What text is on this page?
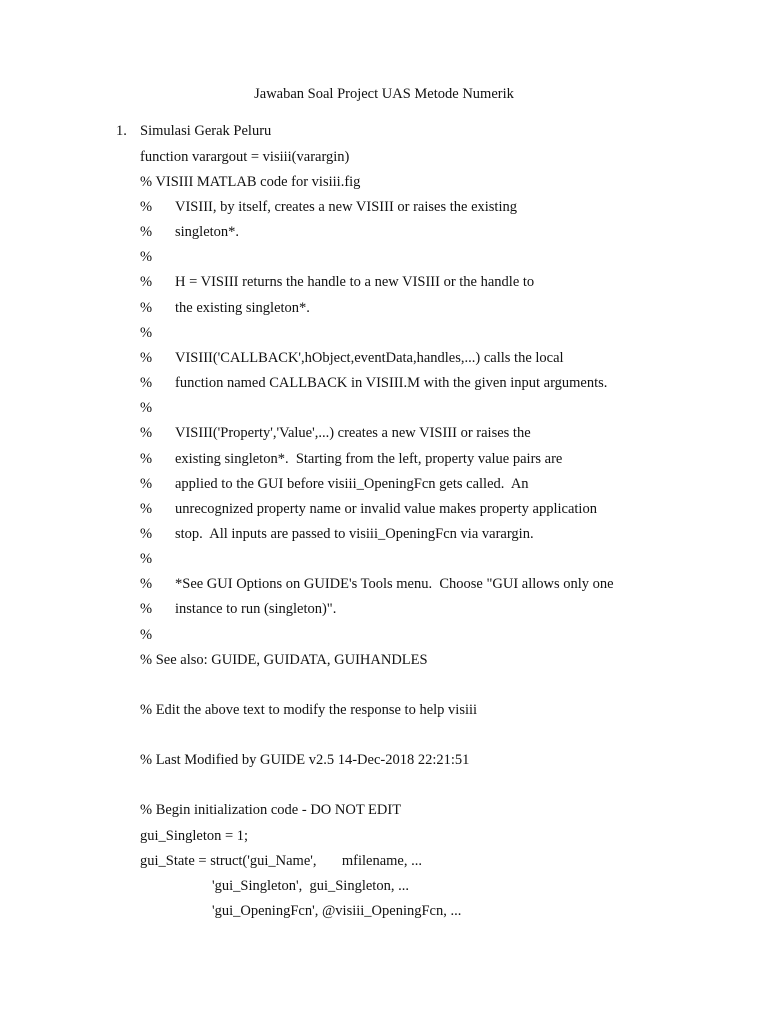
Jawaban Soal Project UAS Metode Numerik
1. Simulasi Gerak Peluru
function varargout = visiii(varargin)
% VISIII MATLAB code for visiii.fig
% VISIII, by itself, creates a new VISIII or raises the existing
% singleton*.
%
% H = VISIII returns the handle to a new VISIII or the handle to
% the existing singleton*.
%
% VISIII('CALLBACK',hObject,eventData,handles,...) calls the local
% function named CALLBACK in VISIII.M with the given input arguments.
%
% VISIII('Property','Value',...) creates a new VISIII or raises the
% existing singleton*.  Starting from the left, property value pairs are
% applied to the GUI before visiii_OpeningFcn gets called.  An
% unrecognized property name or invalid value makes property application
% stop.  All inputs are passed to visiii_OpeningFcn via varargin.
%
% *See GUI Options on GUIDE's Tools menu.  Choose "GUI allows only one
% instance to run (singleton)".
%
% See also: GUIDE, GUIDATA, GUIHANDLES
% Edit the above text to modify the response to help visiii
% Last Modified by GUIDE v2.5 14-Dec-2018 22:21:51
% Begin initialization code - DO NOT EDIT
gui_Singleton = 1;
gui_State = struct('gui_Name',       mfilename, ...
'gui_Singleton',  gui_Singleton, ...
'gui_OpeningFcn', @visiii_OpeningFcn, ...
